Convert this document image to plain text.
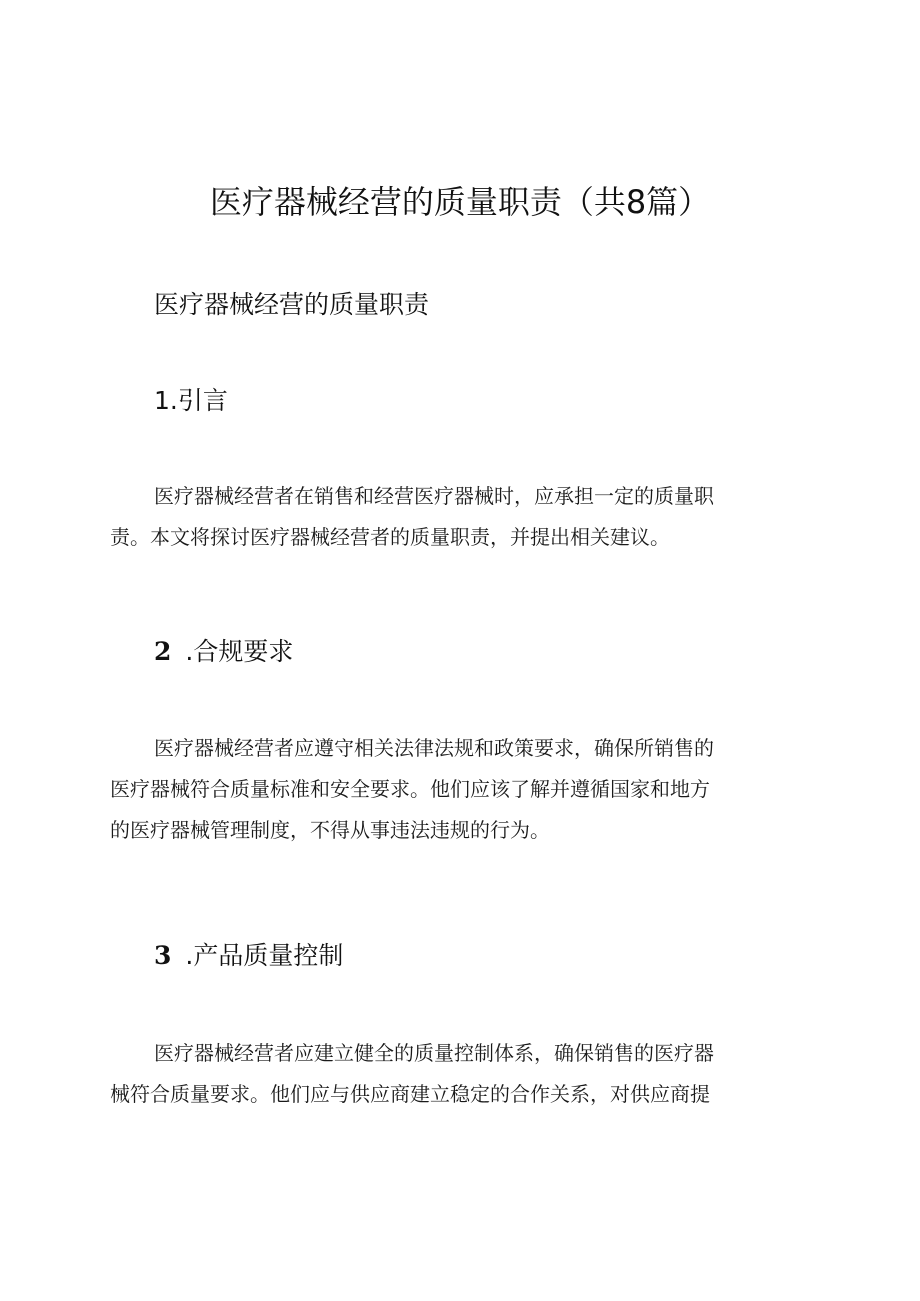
医疗器械经营的质量职责（共8篇）
医疗器械经营的质量职责
1.引言

医疗器械经营者在销售和经营医疗器械时，应承担一定的质量职
责。本文将探讨医疗器械经营者的质量职责，并提出相关建议。

2 .合规要求

医疗器械经营者应遵守相关法律法规和政策要求，确保所销售的
医疗器械符合质量标准和安全要求。他们应该了解并遵循国家和地方
的医疗器械管理制度，不得从事违法违规的行为。

3 .产品质量控制

医疗器械经营者应建立健全的质量控制体系，确保销售的医疗器
械符合质量要求。他们应与供应商建立稳定的合作关系，对供应商提
